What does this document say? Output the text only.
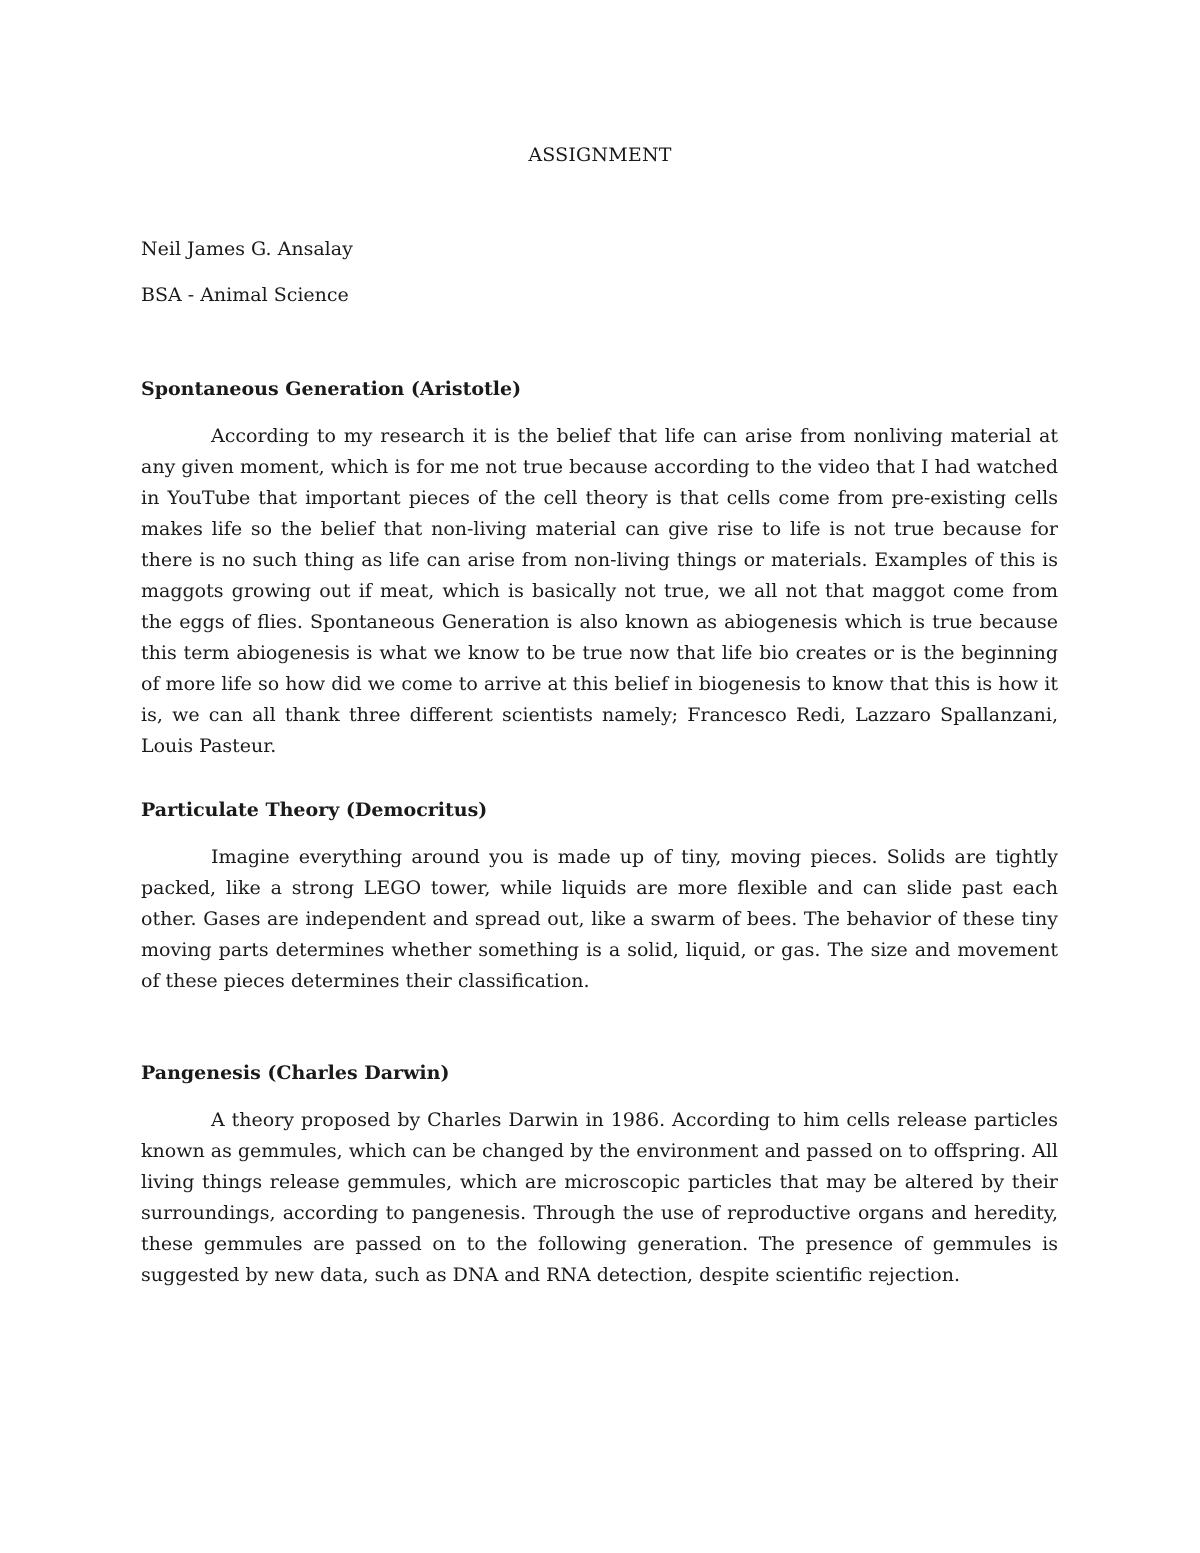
ASSIGNMENT
Neil James G. Ansalay
BSA - Animal Science
Spontaneous Generation (Aristotle)

According to my research it is the belief that life can arise from nonliving material at any given moment, which is for me not true because according to the video that I had watched in YouTube that important pieces of the cell theory is that cells come from pre-existing cells makes life so the belief that non-living material can give rise to life is not true because for there is no such thing as life can arise from non-living things or materials. Examples of this is maggots growing out if meat, which is basically not true, we all not that maggot come from the eggs of flies. Spontaneous Generation is also known as abiogenesis which is true because this term abiogenesis is what we know to be true now that life bio creates or is the beginning of more life so how did we come to arrive at this belief in biogenesis to know that this is how it is, we can all thank three different scientists namely; Francesco Redi, Lazzaro Spallanzani, Louis Pasteur.

Particulate Theory (Democritus)

Imagine everything around you is made up of tiny, moving pieces. Solids are tightly packed, like a strong LEGO tower, while liquids are more flexible and can slide past each other. Gases are independent and spread out, like a swarm of bees. The behavior of these tiny moving parts determines whether something is a solid, liquid, or gas. The size and movement of these pieces determines their classification.

Pangenesis (Charles Darwin)

A theory proposed by Charles Darwin in 1986. According to him cells release particles known as gemmules, which can be changed by the environment and passed on to offspring. All living things release gemmules, which are microscopic particles that may be altered by their surroundings, according to pangenesis. Through the use of reproductive organs and heredity, these gemmules are passed on to the following generation. The presence of gemmules is suggested by new data, such as DNA and RNA detection, despite scientific rejection.
